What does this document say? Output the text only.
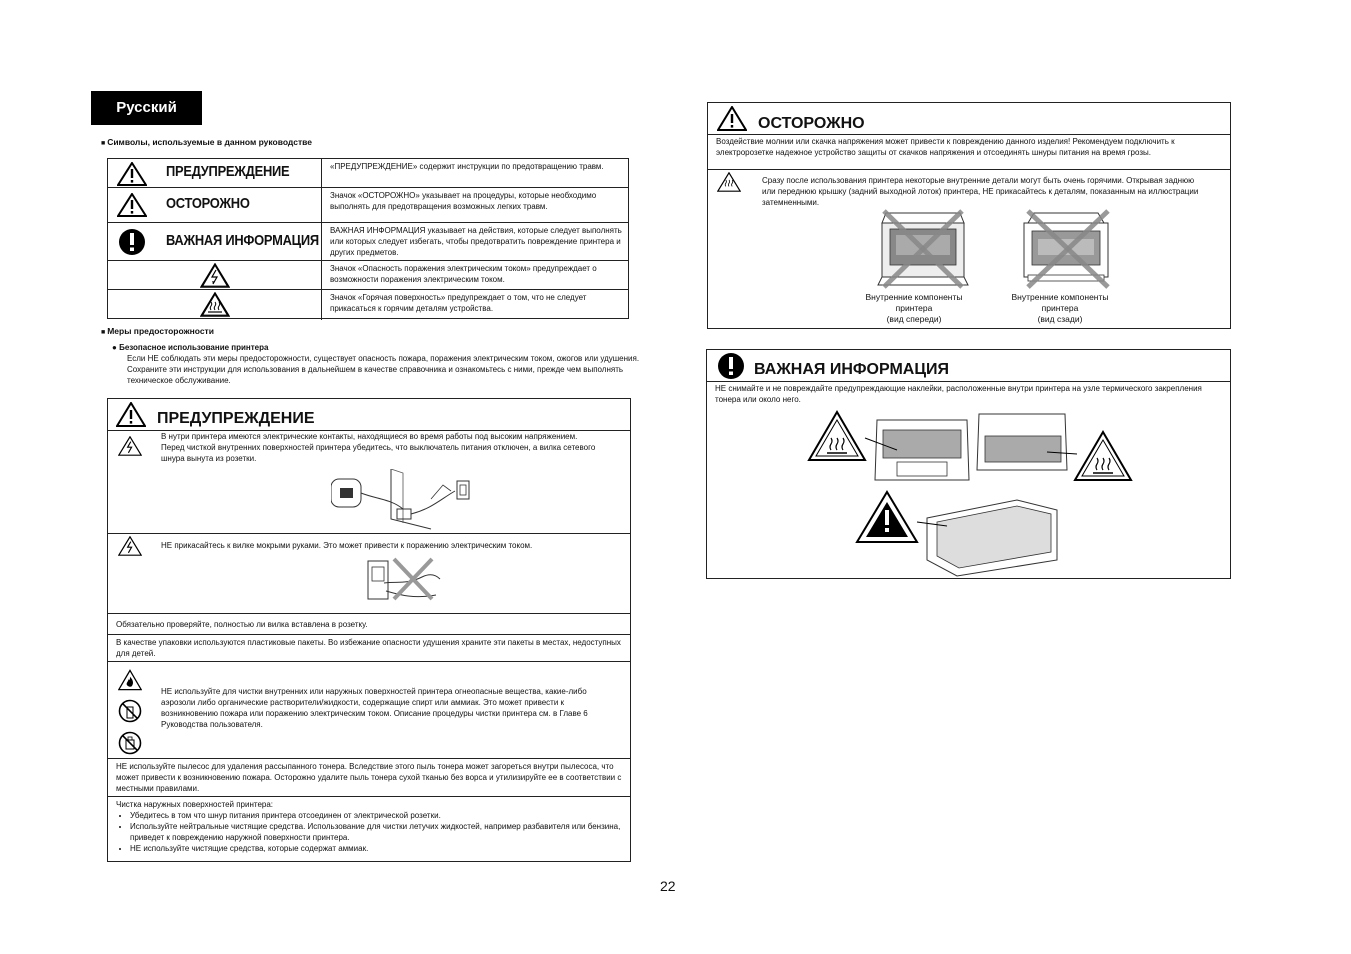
Русский
■ Символы, используемые в данном руководстве
ПРЕДУПРЕЖДЕНИЕ	«ПРЕДУПРЕЖДЕНИЕ» содержит инструкции по предотвращению травм.
ОСТОРОЖНО	Значок «ОСТОРОЖНО» указывает на процедуры, которые необходимо выполнять для предотвращения возможных легких травм.
ВАЖНАЯ ИНФОРМАЦИЯ
ВАЖНАЯ ИНФОРМАЦИЯ указывает на действия, которые следует выполнять или которых следует избегать, чтобы предотвратить повреждение принтера и других предметов.
Значок «Опасность поражения электрическим током» предупреждает о возможности поражения электрическим током.
Значок «Горячая поверхность» предупреждает о том, что не следует прикасаться к горячим деталям устройства.
■ Меры предосторожности
● Безопасное использование принтера
Если НЕ соблюдать эти меры предосторожности, существует опасность пожара, поражения электрическим током, ожогов или удушения. Сохраните эти инструкции для использования в дальнейшем в качестве справочника и ознакомьтесь с ними, прежде чем выполнять техническое обслуживание.
ПРЕДУПРЕЖДЕНИЕ
В нутри принтера имеются электрические контакты, находящиеся во время работы под высоким напряжением. Перед чисткой внутренних поверхностей принтера убедитесь, что выключатель питания отключен, а вилка сетевого шнура вынута из розетки.
НЕ прикасайтесь к вилке мокрыми руками. Это может привести к поражению электрическим током.
Обязательно проверяйте, полностью ли вилка вставлена в розетку.
В качестве упаковки используются пластиковые пакеты. Во избежание опасности удушения храните эти пакеты в местах, недоступных для детей.
НЕ используйте для чистки внутренних или наружных поверхностей принтера огнеопасные вещества, какие-либо аэрозоли либо органические растворители/жидкости, содержащие спирт или аммиак. Это может привести к возникновению пожара или поражению электрическим током. Описание процедуры чистки принтера см. в Главе 6 Руководства пользователя.
НЕ используйте пылесос для удаления рассыпанного тонера. Вследствие этого пыль тонера может загореться внутри пылесоса, что может привести к возникновению пожара. Осторожно удалите пыль тонера сухой тканью без ворса и утилизируйте ее в соответствии с местными правилами.
Чистка наружных поверхностей принтера:
• Убедитесь в том что шнур питания принтера отсоединен от электрической розетки.
• Используйте нейтральные чистящие средства. Использование для чистки летучих жидкостей, например разбавителя или бензина, приведет к повреждению наружной поверхности принтера.
• НЕ используйте чистящие средства, которые содержат аммиак.
ОСТОРОЖНО
Воздействие молнии или скачка напряжения может привести к повреждению данного изделия! Рекомендуем подключить к электророзетке надежное устройство защиты от скачков напряжения и отсоединять шнуры питания на время грозы.
Сразу после использования принтера некоторые внутренние детали могут быть очень горячими. Открывая заднюю или переднюю крышку (задний выходной лоток) принтера, НЕ прикасайтесь к деталям, показанным на иллюстрации затемненными.
Внутренние компоненты
принтера
(вид спереди)
Внутренние компоненты
принтера
(вид сзади)
ВАЖНАЯ ИНФОРМАЦИЯ
НЕ снимайте и не повреждайте предупреждающие наклейки, расположенные внутри принтера на узле термического закрепления тонера или около него.
22
